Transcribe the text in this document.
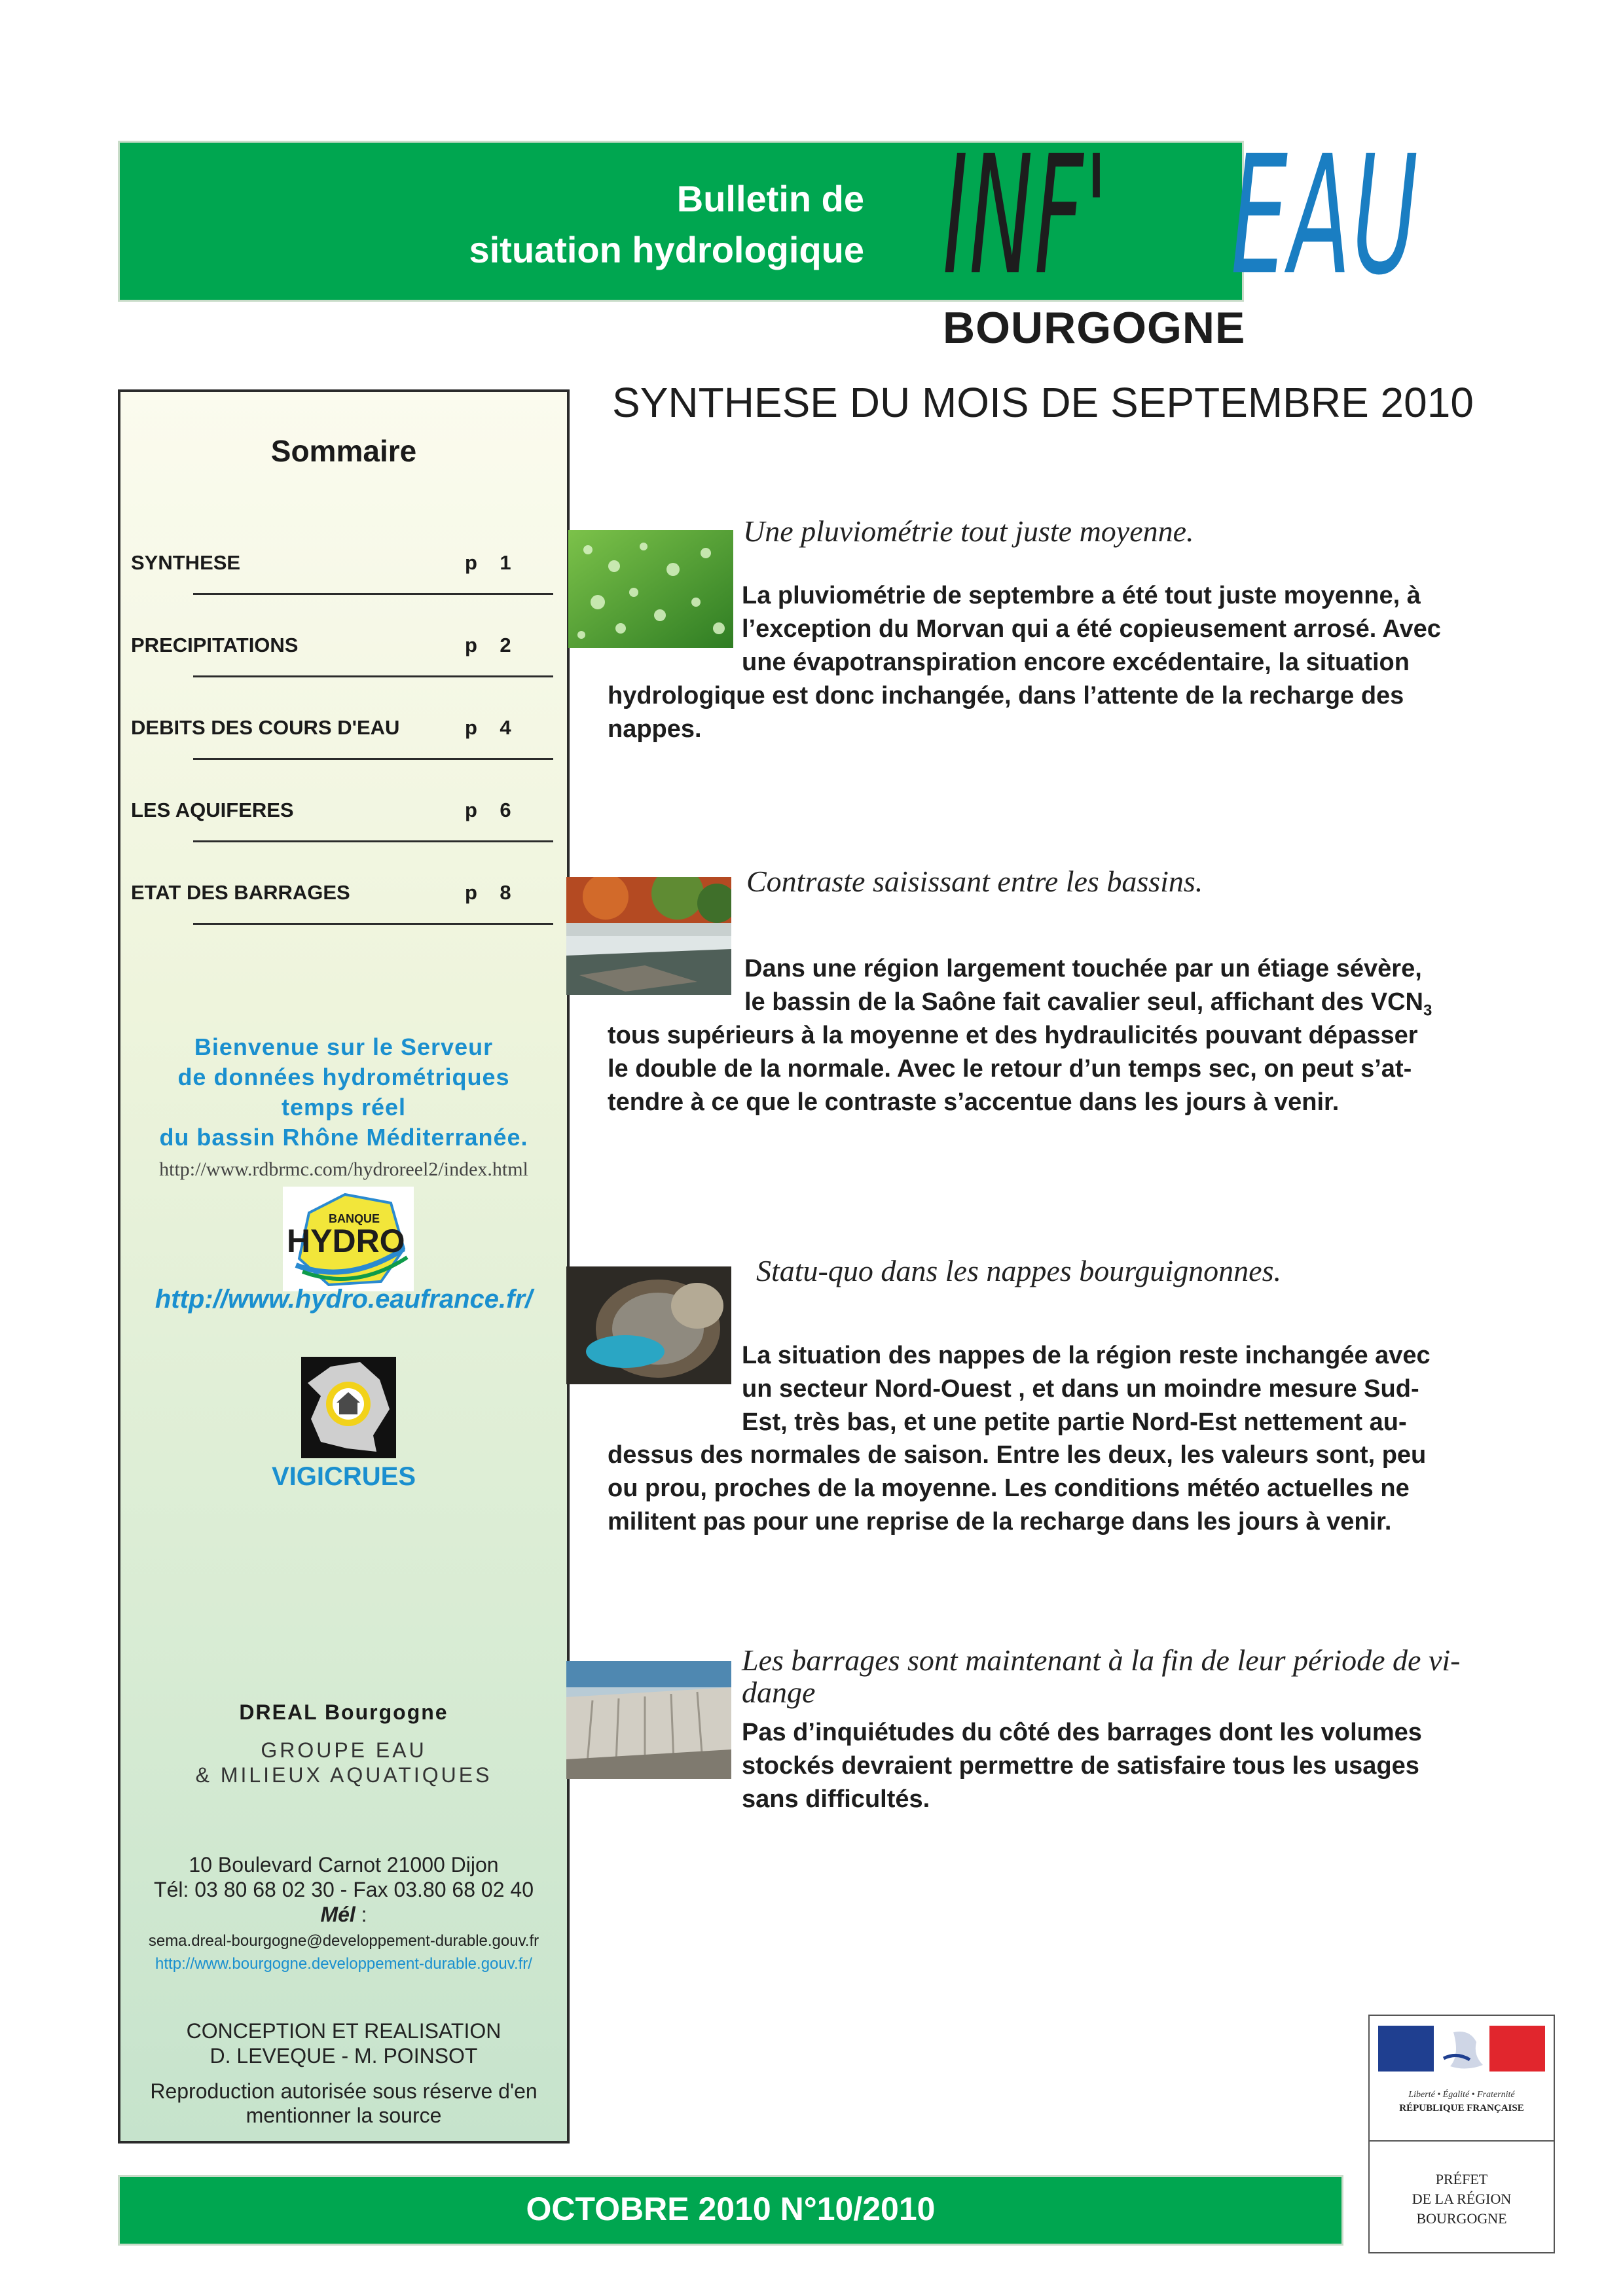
Bulletin de
situation hydrologique INF' EAU
BOURGOGNE
SYNTHESE DU MOIS DE SEPTEMBRE 2010
Sommaire
SYNTHESE	p 1
PRECIPITATIONS	p 2
DEBITS DES COURS D'EAU	p 4
LES AQUIFERES	p 6
ETAT DES BARRAGES	p 8
Bienvenue sur le Serveur
de données hydrométriques
temps réel
du bassin Rhône Méditerranée.
http://www.rdbrmc.com/hydroreel2/index.html
BANQUE
HYDRO
http://www.hydro.eaufrance.fr/
VIGICRUES
DREAL Bourgogne
GROUPE EAU
& MILIEUX AQUATIQUES
10 Boulevard Carnot 21000 Dijon
Tél: 03 80 68 02 30 - Fax 03.80 68 02 40
Mél :
sema.dreal-bourgogne@developpement-durable.gouv.fr
http://www.bourgogne.developpement-durable.gouv.fr/
CONCEPTION ET REALISATION
D. LEVEQUE - M. POINSOT
Reproduction autorisée sous réserve d'en
mentionner la source
Une pluviométrie tout juste moyenne.
La pluviométrie de septembre a été tout juste moyenne, à
l’exception du Morvan qui a été copieusement arrosé. Avec
une évapotranspiration encore excédentaire, la situation
hydrologique est donc inchangée, dans l’attente de la recharge des
nappes.
Contraste saisissant entre les bassins.
Dans une région largement touchée par un étiage sévère,
le bassin de la Saône fait cavalier seul, affichant des $VCN_3$
tous supérieurs à la moyenne et des hydraulicités pouvant dépasser
le double de la normale. Avec le retour d’un temps sec, on peut s’at-
tendre à ce que le contraste s’accentue dans les jours à venir.
Statu-quo dans les nappes bourguignonnes.
La situation des nappes de la région reste inchangée avec
un secteur Nord-Ouest , et dans un moindre mesure Sud-
Est, très bas, et une petite partie Nord-Est nettement au-
dessus des normales de saison. Entre les deux, les valeurs sont, peu
ou prou, proches de la moyenne. Les conditions météo actuelles ne
militent pas pour une reprise de la recharge dans les jours à venir.
Les barrages sont maintenant à la fin de leur période de vi-
dange
Pas d’inquiétudes du côté des barrages dont les volumes
stockés devraient permettre de satisfaire tous les usages
sans difficultés.
OCTOBRE 2010 N°10/2010
Liberté • Égalité • Fraternité
RÉPUBLIQUE FRANÇAISE
PRÉFET
DE LA RÉGION
BOURGOGNE
